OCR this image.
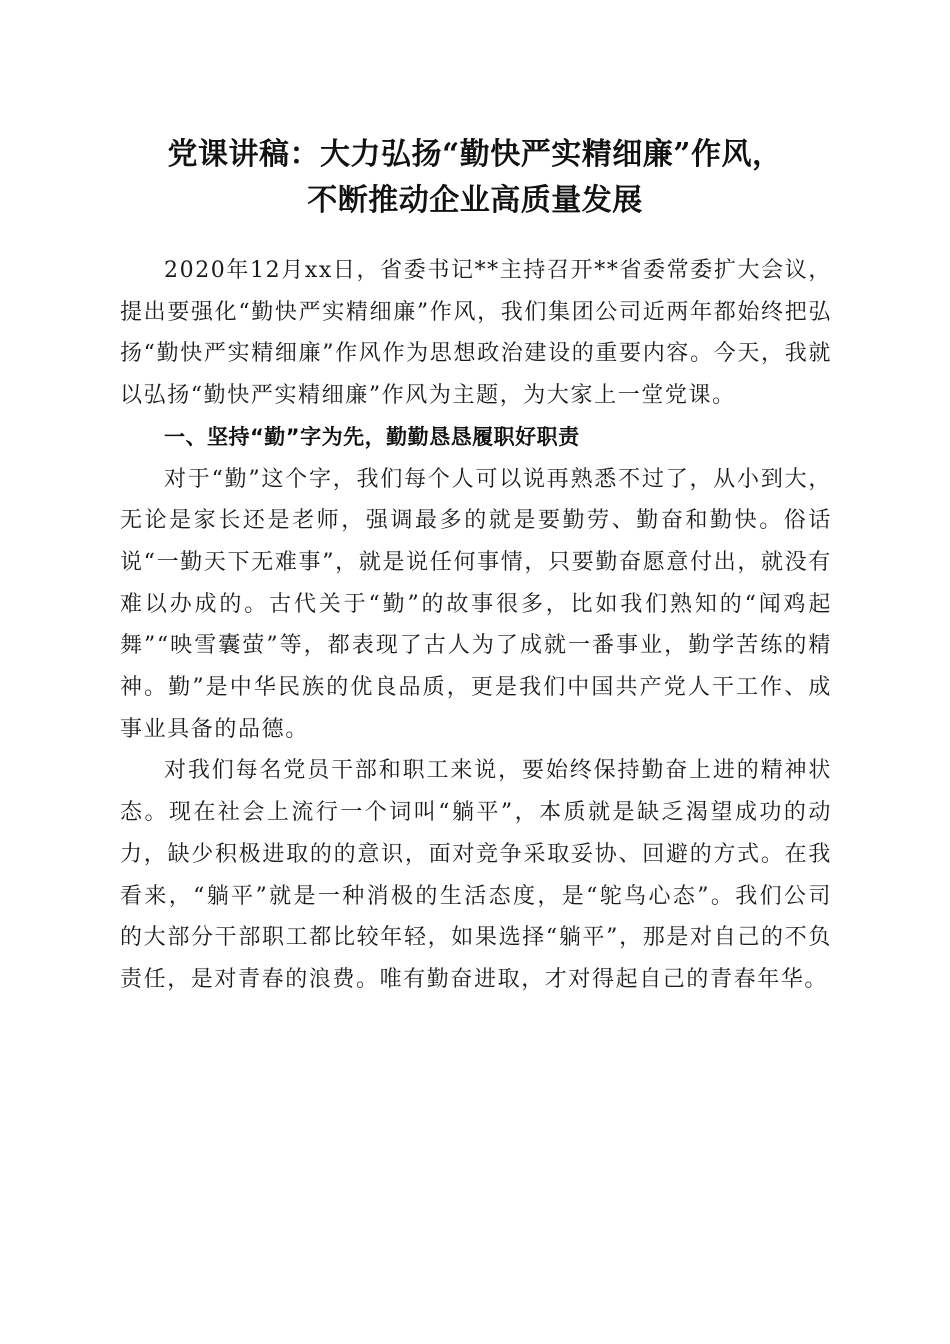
党课讲稿：大力弘扬“勤快严实精细廉”作风，
不断推动企业高质量发展

2020年12月xx日，省委书记**主持召开**省委常委扩大会议，提出要强化“勤快严实精细廉”作风，我们集团公司近两年都始终把弘扬“勤快严实精细廉”作风作为思想政治建设的重要内容。今天，我就以弘扬“勤快严实精细廉”作风为主题，为大家上一堂党课。

一、坚持“勤”字为先，勤勤恳恳履职好职责

对于“勤”这个字，我们每个人可以说再熟悉不过了，从小到大，无论是家长还是老师，强调最多的就是要勤劳、勤奋和勤快。俗话说“一勤天下无难事”，就是说任何事情，只要勤奋愿意付出，就没有难以办成的。古代关于“勤”的故事很多，比如我们熟知的“闻鸡起舞”“映雪囊萤”等，都表现了古人为了成就一番事业，勤学苦练的精神。勤”是中华民族的优良品质，更是我们中国共产党人干工作、成事业具备的品德。

对我们每名党员干部和职工来说，要始终保持勤奋上进的精神状态。现在社会上流行一个词叫“躺平”，本质就是缺乏渴望成功的动力，缺少积极进取的的意识，面对竞争采取妥协、回避的方式。在我看来，“躺平”就是一种消极的生活态度，是“鸵鸟心态”。我们公司的大部分干部职工都比较年轻，如果选择“躺平”，那是对自己的不负责任，是对青春的浪费。唯有勤奋进取，才对得起自己的青春年华。
